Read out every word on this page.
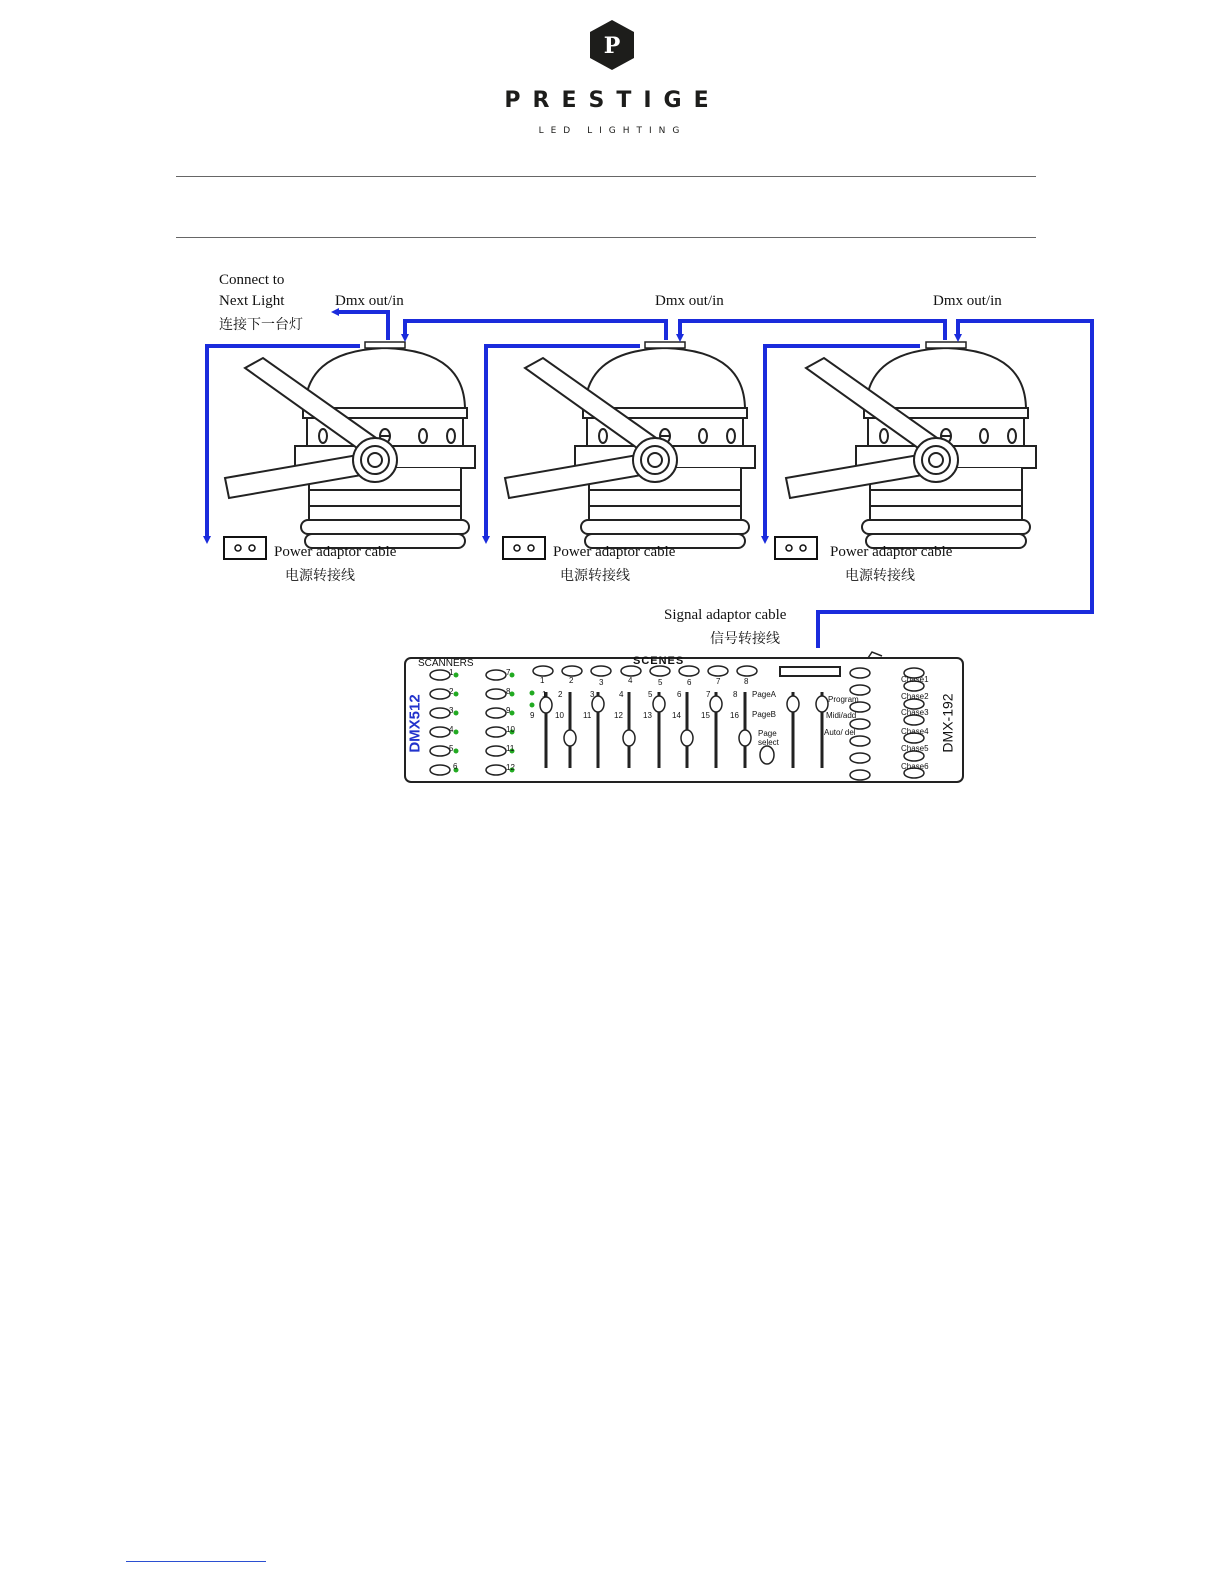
P
PRESTIGE
LED LIGHTING
Connect to
Next Light
连接下一台灯
Dmx out/in	Dmx out/in	Dmx out/in
Power adaptor cable	Power adaptor cable	Power adaptor cable
电源转接线	电源转接线	电源转接线
Signal adaptor cable
信号转接线
SCANNERS	SCENES
DMX512	DMX-192
1
2
3
4
5
6
7
8
9
10
11
12
1	2	3	4	5	6	7	8
1 2	3	4	5	6	7	8
9	10 11	12	13	14	15	16
PageA
PageB
Page
select
Program
Midi/add
Auto/ del
Chase1
Chase2
Chase3
Chase4
Chase5
Chase6
